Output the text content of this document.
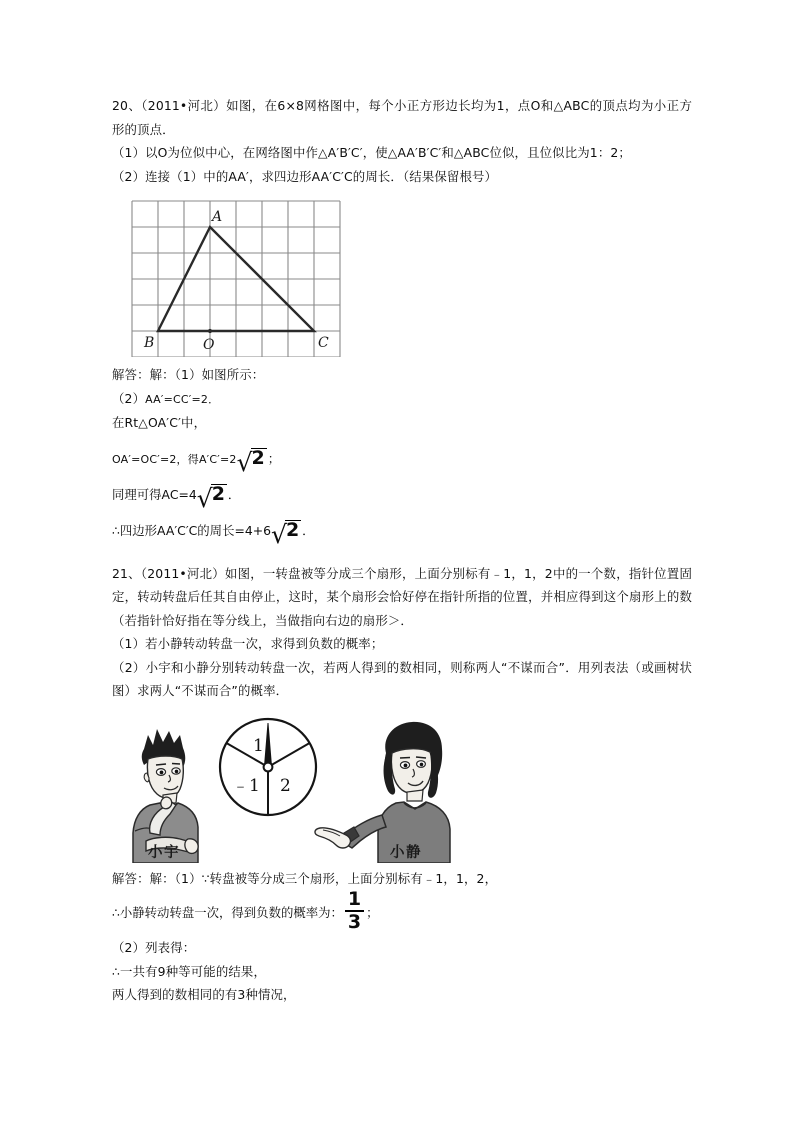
20、（2011•河北）如图，在6×8网格图中，每个小正方形边长均为1，点O和△ABC的顶点均为小正方形的顶点．

（1）以O为位似中心，在网络图中作△A′B′C′，使△AA′B′C′和△ABC位似，且位似比为1：2；

（2）连接（1）中的AA′，求四边形AA′C′C的周长．（结果保留根号）

A
B	C
O

解答：解：（1）如图所示：

（2）AA′=CC′=2．

在Rt△OA′C′中，

OA′=OC′=2，得A′C′=2√2 ；

同理可得AC=4√2 ．

∴四边形AA′C′C的周长=4+6√2 ．

21、（2011•河北）如图，一转盘被等分成三个扇形，上面分别标有﹣1，1，2中的一个数，指针位置固定，转动转盘后任其自由停止，这时，某个扇形会恰好停在指针所指的位置，并相应得到这个扇形上的数（若指针恰好指在等分线上，当做指向右边的扇形＞．

（1）若小静转动转盘一次，求得到负数的概率；

（2）小宇和小静分别转动转盘一次，若两人得到的数相同，则称两人“不谋而合”．用列表法（或画树状图）求两人“不谋而合”的概率．

1
﹣1 2
小宇	小静

解答：解：（1）∵转盘被等分成三个扇形，上面分别标有﹣1，1，2，

∴小静转动转盘一次，得到负数的概率为： $\frac{1}{3}$ ；

（2）列表得：

∴一共有9种等可能的结果，

两人得到的数相同的有3种情况，
